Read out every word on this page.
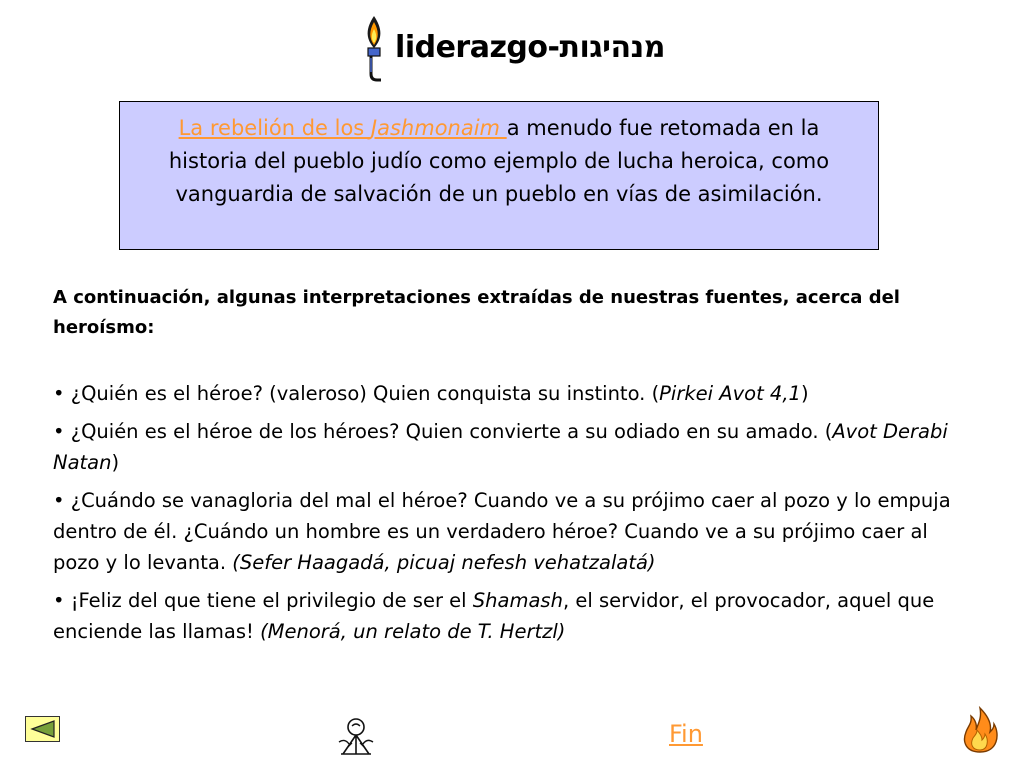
liderazgo-מנהיגות
La rebelión de los Jashmonaim a menudo fue retomada en la historia del pueblo judío como ejemplo de lucha heroica, como vanguardia de salvación de un pueblo en vías de asimilación.
A continuación, algunas interpretaciones extraídas de nuestras fuentes, acerca del heroísmo:
• ¿Quién es el héroe? (valeroso) Quien conquista su instinto. (Pirkei Avot 4,1)
• ¿Quién es el héroe de los héroes? Quien convierte a su odiado en su amado. (Avot Derabi Natan)
• ¿Cuándo se vanagloria del mal el héroe? Cuando ve a su prójimo caer al pozo y lo empuja dentro de él. ¿Cuándo un hombre es un verdadero héroe? Cuando ve a su prójimo caer al pozo y lo levanta. (Sefer Haagadá, picuaj nefesh vehatzalatá)
• ¡Feliz del que tiene el privilegio de ser el Shamash, el servidor, el provocador, aquel que enciende las llamas! (Menorá, un relato de T. Hertzl)
Fin
